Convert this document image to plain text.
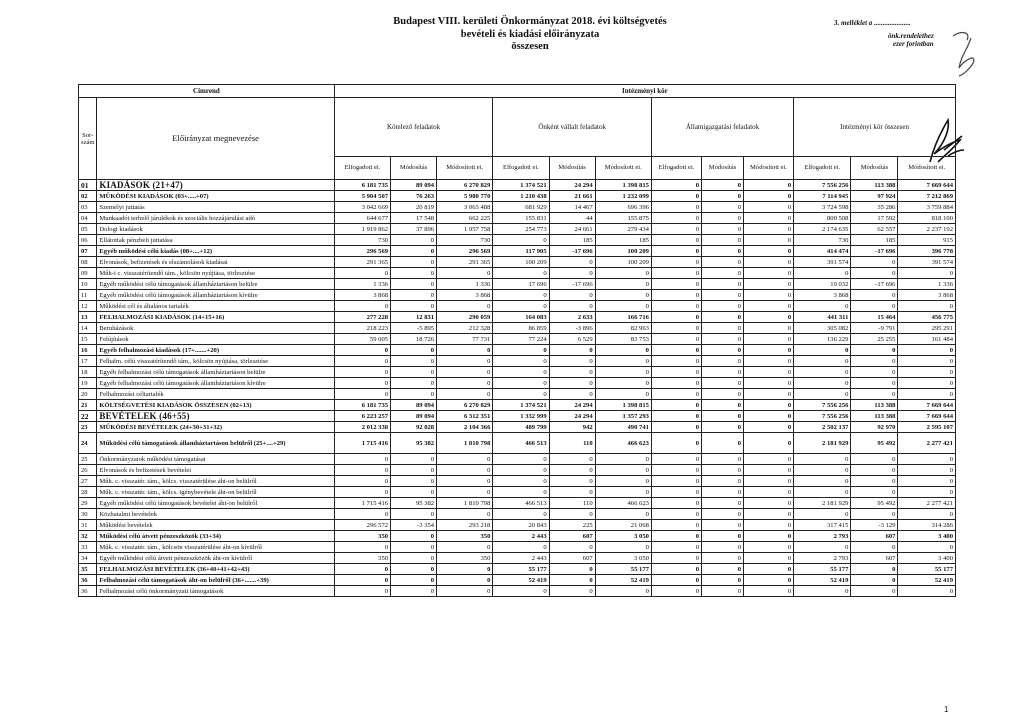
Budapest VIII. kerületi Önkormányzat 2018. évi költségvetés
bevételi és kiadási előirányzata
összesen
3. melléklet a .....................
önk.rendelethez
ezer forintban
Cimrend		Intézményi kör											
Sor-szám	Előirányzat megnevezése	Kötelező feladatok			Önként vállalt feladatok			Államigazgatási feladatok			Intézményi kör összesen		
		Elfogadott ei.	Módosítás	Módosított ei.	Elfogadott ei.	Módosítás	Módosított ei.	Elfogadott ei.	Módosítás	Módosított ei.	Elfogadott ei.	Módosítás	Módosított ei.
01	KIADÁSOK (21+47)	6 181 735	89 094	6 270 829	1 374 521	24 294	1 398 815	0	0	0	7 556 256	113 388	7 669 644
02	MŰKÖDÉSI KIADÁSOK (03+.....+07)	5 904 507	76 263	5 980 770	1 210 438	21 661	1 232 099	0	0	0	7 114 945	97 924	7 212 869
03	Személyi juttatás	3 042 669	20 819	3 063 488	681 929	14 467	696 396	0	0	0	3 724 598	35 286	3 759 884
04	Munkaadót terhelő járulékok és szociális hozzájárulási adó	644 677	17 548	662 225	155 831	44	155 875	0	0	0	800 508	17 592	818 100
05	Dologi kiadások	1 919 862	37 896	1 957 758	254 773	24 661	279 434	0	0	0	2 174 635	62 557	2 237 192
06	Ellátottak pénzbeli juttatása	730	0	730	0	185	185	0	0	0	730	185	915
07	Egyéb működési célú kiadás (08+....+12)	296 569	0	296 569	117 905	-17 696	100 209	0	0	0	414 474	-17 696	396 778
08	Elvonások, befizetések és elszámolások kiadásai	291 365	0	291 365	100 209	0	100 209	0	0	0	391 574	0	391 574
09	Műk-i c. visszatérítendő tám., kölcsön nyújtása, törlesztése	0	0	0	0	0	0	0	0	0	0	0	0
10	Egyéb működési célú támogatások államháztartáson belülre	1 336	0	1 336	17 696	-17 696	0	0	0	0	19 032	-17 696	1 336
11	Egyéb működési célú támogatások államháztartáson kívülre	3 868	0	3 868	0	0	0	0	0	0	3 868	0	3 868
12	Működési cél és általános tartalék	0	0	0	0	0	0	0	0	0	0	0	0
13	FELHALMOZÁSI KIADÁSOK (14+15+16)	277 228	12 831	290 059	164 083	2 633	166 716	0	0	0	441 311	15 464	456 775
14	Beruházások	218 223	-5 895	212 328	86 859	-3 896	82 963	0	0	0	305 082	-9 791	295 291
15	Felújítások	59 005	18 726	77 731	77 224	6 529	83 753	0	0	0	136 229	25 255	161 484
16	Egyéb felhalmozási kiadások (17+.......+20)	0	0	0	0	0	0	0	0	0	0	0	0
17	Felhalm. célú visszatérítendő tám., kölcsön nyújtása, törlesztése	0	0	0	0	0	0	0	0	0	0	0	0
18	Egyéb felhalmozási célú támogatások államháztartáson belülre	0	0	0	0	0	0	0	0	0	0	0	0
19	Egyéb felhalmozási célú támogatások államháztartáson kívülre	0	0	0	0	0	0	0	0	0	0	0	0
20	Felhalmozási céltartalék	0	0	0	0	0	0	0	0	0	0	0	0
21	KÖLTSÉGVETÉSI KIADÁSOK ÖSSZESEN (02+13)	6 181 735	89 094	6 270 829	1 374 521	24 294	1 398 815	0	0	0	7 556 256	113 388	7 669 644
22	BEVÉTELEK (46+55)	6 223 257	89 094	6 312 351	1 332 999	24 294	1 357 293	0	0	0	7 556 256	113 388	7 669 644
23	MŰKÖDÉSI BEVÉTELEK (24+30+31+32)	2 012 338	92 028	2 104 366	489 799	942	490 741	0	0	0	2 502 137	92 970	2 595 107
24	Működési célú támogatások államháztartáson belülről (25+....+29)	1 715 416	95 382	1 810 798	466 513	110	466 623	0	0	0	2 181 929	95 492	2 277 421
25	Önkormányzatok működési támogatásai	0	0	0	0	0	0	0	0	0	0	0	0
26	Elvonások és befizetések bevételei	0	0	0	0	0	0	0	0	0	0	0	0
27	Műk. c. visszatér. tám., kölcs. visszatérülése áht-on belülről	0	0	0	0	0	0	0	0	0	0	0	0
28	Műk. c. visszatér. tám., kölcs. igénybevétele áht-on belülről	0	0	0	0	0	0	0	0	0	0	0	0
29	Egyéb működési célú támogatások bevételei áht-on belülről	1 715 416	95 382	1 810 798	466 513	110	466 623	0	0	0	2 181 929	95 492	2 277 421
30	Közhatalmi bevételek	0	0	0	0	0	0	0	0	0	0	0	0
31	Működési bevételek	296 572	-3 354	293 218	20 843	225	21 068	0	0	0	317 415	-3 129	314 286
32	Működési célú átvett pénzeszközök (33+34)	350	0	350	2 443	607	3 050	0	0	0	2 793	607	3 400
33	Műk. c. visszatér. tám., kölcsön visszatérülése áht-on kívülről	0	0	0	0	0	0	0	0	0	0	0	0
34	Egyéb működési célú átvett pénzeszközök áht-on kívülről	350	0	350	2 443	607	3 050	0	0	0	2 793	607	3 400
35	FELHALMOZÁSI BEVÉTELEK (36+40+41+42+43)	0	0	0	55 177	0	55 177	0	0	0	55 177	0	55 177
36	Felhalmozási célú támogatások áht-on belülről (36+.......+39)	0	0	0	52 419	0	52 419	0	0	0	52 419	0	52 419
36	Felhalmozási célú önkormányzati támogatások	0	0	0	0	0	0	0	0	0	0	0	0
1
